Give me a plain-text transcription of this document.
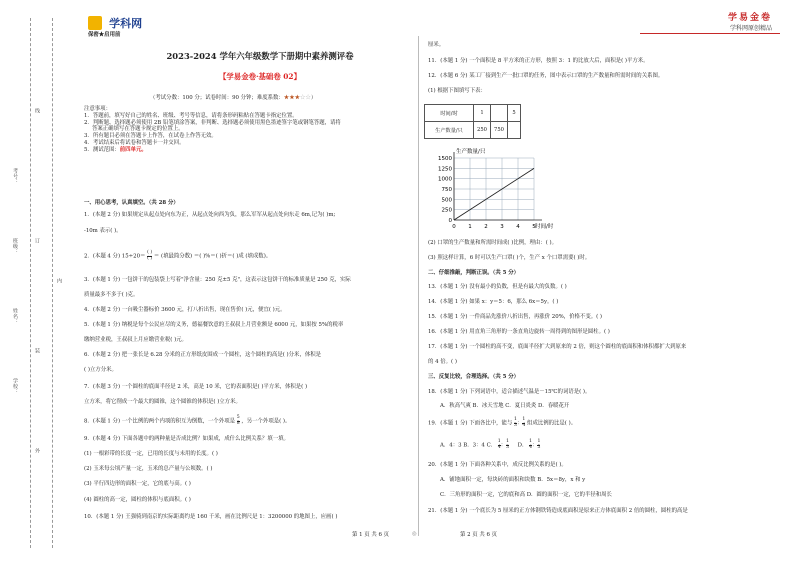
学校：
姓名：
班级：
考号：
线
订
装
外
内
学科网
保密★启用前
学易金卷
学科网原创精品
2023-2024 学年六年级数学下册期中素养测评卷
【学易金卷·基础卷 02】
（考试分数：100 分；试卷时间：90 分钟；难度系数：★★★☆☆）
注意事项：
1．答题前，填写好自己的姓名、班级、考号等信息，请将条形码粘贴在答题卡指定位置。
2．判断题、选择题必须使用 2B 铅笔填涂答案，非判断、选择题必须使用黑色墨迹签字笔或钢笔答题，请将
答案正确填写在答题卡规定的位置上。
3．所有题目必须在答题卡上作答，在试卷上作答无效。
4．考试结束后将试卷和答题卡一并交回。
5．测试范围：前四单元。
一、用心思考，认真填空。（共 28 分）
1．(本题 2 分) 如果规定从起点处向东为正，从起点处向西为负，那么军军从起点处向东走 6m,记为( )m;
-10m 表示( )。
2．(本题 4 分) $15\div 20= \frac{( )}{( )}$ ＝ (填最简分数) ＝( )%＝( )折＝( )成 (填成数)。
3．(本题 1 分) 一包饼干的包装袋上写着"净含量：250 克±5 克"，这表示这包饼干的标准质量是 250 克，实际
质量最多不多于( )克。
4．(本题 2 分) 一台吸尘器标价 3600 元，打八折出售，现在售价( )元，便宜( )元。
5．(本题 1 分) 纳税是每个公民应尽的义务，德福餐饮意的王叔叔上月营业额是 6000 元，如果按 5%的税率
缴纳营业税，王叔叔上月应缴营业税( )元。
6．(本题 2 分) 把一张长是 6.28 分米的正方形纸皮围成一个圆柱，这个圆柱的高是( )分米，体积是
( )立方分米。
7．(本题 3 分) 一个圆柱的底面半径是 2 米，高是 10 米，它的表面积是( )平方米，体积是( )
立方米，将它削成一个最大的圆锥，这个圆锥的体积是( )立方米。
8．(本题 1 分) 一个比例的两个内项的积互为倒数，一个外项是 $\frac{5}{8}$ ，另一个外项是( )。
9．(本题 4 分) 下面各题中的两种量是否成比例？如果成，成什么比例关系？填一填。
(1) 一根彩带的长度一定，已用的长度与未用的长度。( )
(2) 玉米每公顷产量一定，玉米的总产量与公顷数。( )
(3) 平行四边形的面积一定，它的底与高。( )
(4) 圆柱的高一定，圆柱的体积与底面积。( )
10．(本题 1 分) 王强骑到南京的实际距离约是 160 千米，画在比例尺是 1：3200000 的地图上，应画( )
第 1 页 共 6 页	◎	第 2 页 共 6 页
厘米。
11．(本题 1 分) 一个面积是 8 平方米的正方形，按照 3：1 的比放大后，面积是( )平方米。
12．(本题 6 分) 某工厂接到生产一批口罩的任务，图中表示口罩的生产数量和所需时间的关系图。
(1) 根据下图填写下表：
时间/时	1		5
生产数量/只	250	750	
0 1 2 3 4 5
0
250
500
750
1000
1250
1500
生产数量/只
时间/时
(2) 口罩的生产数量和所需时间成( )比例，理由：( )。
(3) 照这样计算，6 时可以生产口罩( )个，生产 x 个口罩需要( )时。
二、仔细推敲，判断正误。（共 5 分）
13．(本题 1 分) 没有最小的负数，但是有最大的负数。( )
14．(本题 1 分) 如果 x：y＝5：6，那么 6x＝5y。( )
15．(本题 1 分) 一件商品先涨价八折出售，再涨价 20%，价格不变。( )
16．(本题 1 分) 用直角三角形的一条直角边旋转一周得到的图形是圆柱。( )
17．(本题 1 分) 一个圆柱的高不变，底面半径扩大到原来的 2 倍，则这个圆柱的底面积和体积都扩大到原来
的 4 倍。( )
三、反复比较，合理选择。（共 5 分）
18．(本题 1 分) 下列词语中，适合描述气温是－15℃的词语是( )。
A．秋高气爽 B．冰天雪地 C．夏日炎炎 D．春暖花开
19．(本题 1 分) 下面各比中，能与 $\frac{1}{3}$ ： $\frac{1}{4}$ 组成比例的比是( )。
A．4：3 B．3：4 C． $\frac{1}{4}$ ： $\frac{1}{3}$ D． $\frac{1}{4}$ ： $\frac{1}{3}$
20．(本题 1 分) 下面各种关系中，成反比例关系的是( )。
A．铺地面积一定，每块砖的面积和块数 B．5x＝8y，x 和 y
C．三角形的面积一定，它的底和高 D．圆的面积一定，它的半径和周长
21．(本题 1 分) 一个底长为 5 厘米的正方体钢铁铸造成底面积是原来正方体底面积 2 倍的圆柱，圆柱的高是
